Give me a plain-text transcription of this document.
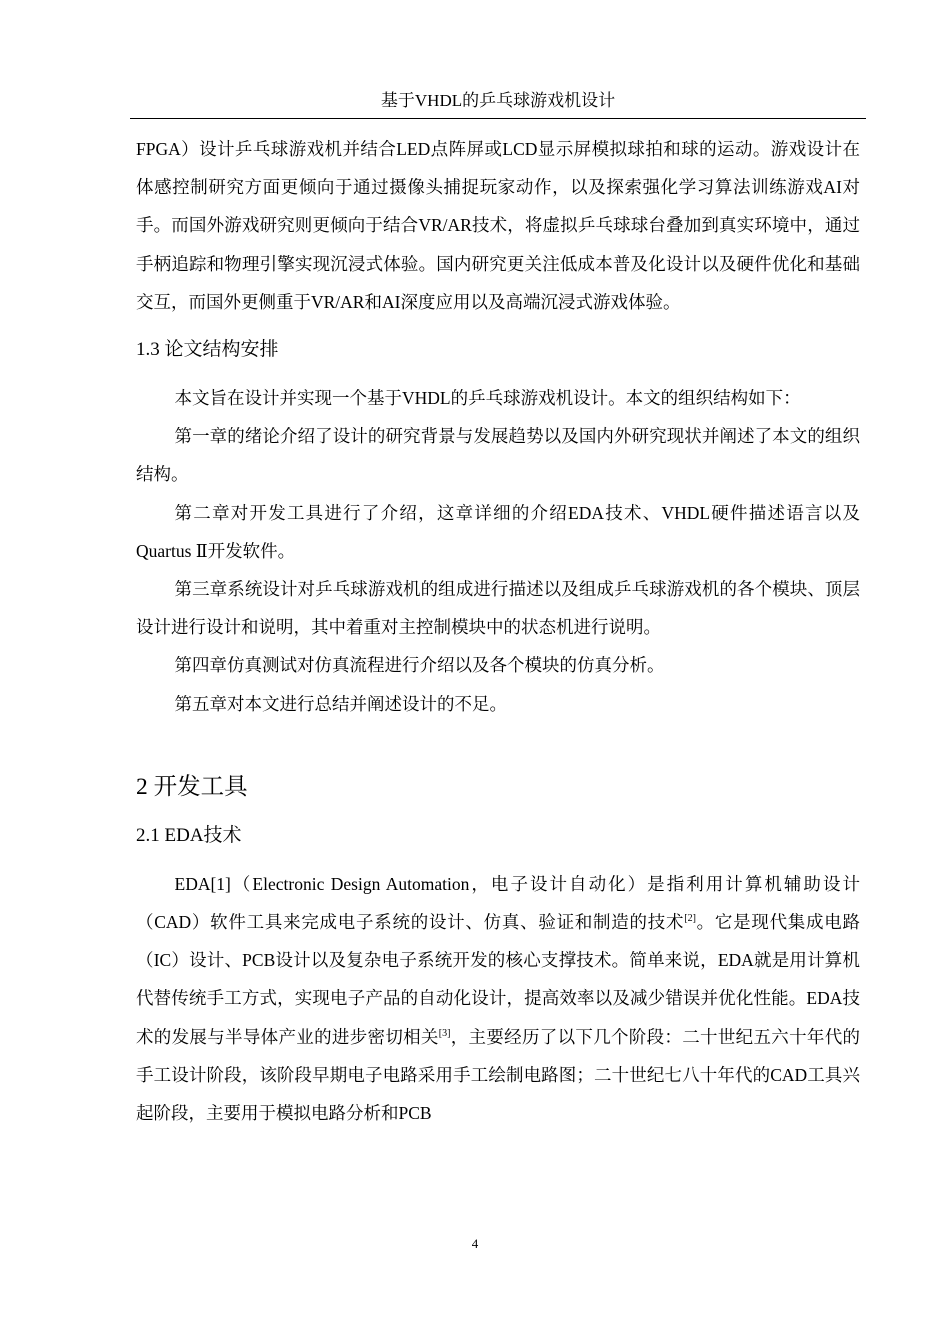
基于VHDL的乒乓球游戏机设计

FPGA）设计乒乓球游戏机并结合LED点阵屏或LCD显示屏模拟球拍和球的运动。游戏设计在体感控制研究方面更倾向于通过摄像头捕捉玩家动作，以及探索强化学习算法训练游戏AI对手。而国外游戏研究则更倾向于结合VR/AR技术，将虚拟乒乓球球台叠加到真实环境中，通过手柄追踪和物理引擎实现沉浸式体验。国内研究更关注低成本普及化设计以及硬件优化和基础交互，而国外更侧重于VR/AR和AI深度应用以及高端沉浸式游戏体验。

1.3 论文结构安排

本文旨在设计并实现一个基于VHDL的乒乓球游戏机设计。本文的组织结构如下：

第一章的绪论介绍了设计的研究背景与发展趋势以及国内外研究现状并阐述了本文的组织结构。

第二章对开发工具进行了介绍，这章详细的介绍EDA技术、VHDL硬件描述语言以及Quartus Ⅱ开发软件。

第三章系统设计对乒乓球游戏机的组成进行描述以及组成乒乓球游戏机的各个模块、顶层设计进行设计和说明，其中着重对主控制模块中的状态机进行说明。

第四章仿真测试对仿真流程进行介绍以及各个模块的仿真分析。

第五章对本文进行总结并阐述设计的不足。

2 开发工具
2.1 EDA技术

EDA[1]（Electronic Design Automation，电子设计自动化）是指利用计算机辅助设计（CAD）软件工具来完成电子系统的设计、仿真、验证和制造的技术[2]。它是现代集成电路（IC）设计、PCB设计以及复杂电子系统开发的核心支撑技术。简单来说，EDA就是用计算机代替传统手工方式，实现电子产品的自动化设计，提高效率以及减少错误并优化性能。EDA技术的发展与半导体产业的进步密切相关[3]，主要经历了以下几个阶段：二十世纪五六十年代的手工设计阶段，该阶段早期电子电路采用手工绘制电路图；二十世纪七八十年代的CAD工具兴起阶段，主要用于模拟电路分析和PCB

4
